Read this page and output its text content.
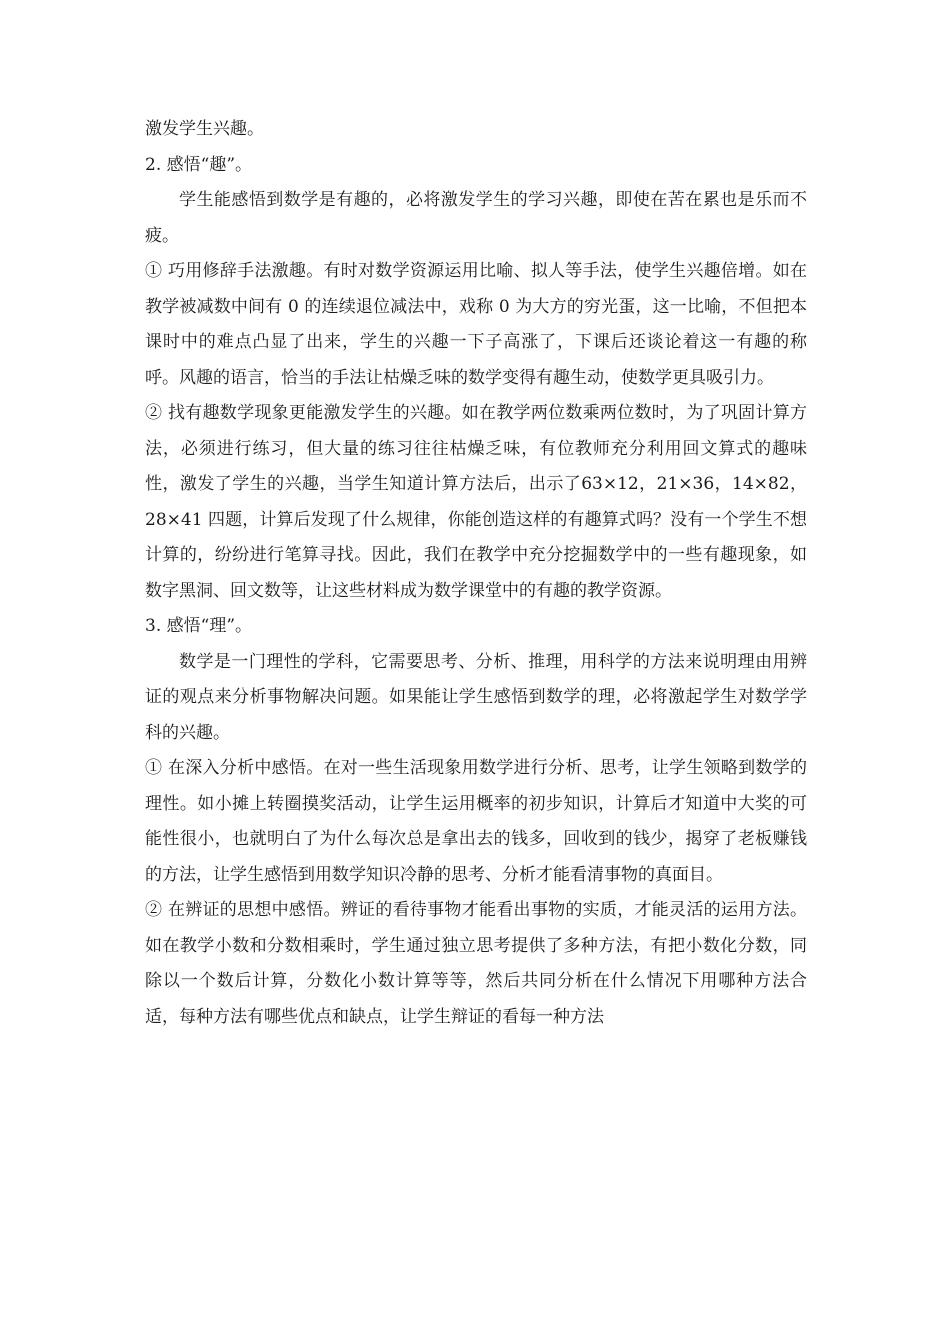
激发学生兴趣。

2. 感悟“趣”。

学生能感悟到数学是有趣的，必将激发学生的学习兴趣，即使在苦在累也是乐而不疲。

① 巧用修辞手法激趣。有时对数学资源运用比喻、拟人等手法，使学生兴趣倍增。如在教学被减数中间有 0 的连续退位减法中，戏称 0 为大方的穷光蛋，这一比喻，不但把本课时中的难点凸显了出来，学生的兴趣一下子高涨了，下课后还谈论着这一有趣的称呼。风趣的语言，恰当的手法让枯燥乏味的数学变得有趣生动，使数学更具吸引力。

② 找有趣数学现象更能激发学生的兴趣。如在教学两位数乘两位数时，为了巩固计算方法，必须进行练习，但大量的练习往往枯燥乏味，有位教师充分利用回文算式的趣味性，激发了学生的兴趣，当学生知道计算方法后，出示了63×12，21×36，14×82，28×41 四题，计算后发现了什么规律，你能创造这样的有趣算式吗？没有一个学生不想计算的，纷纷进行笔算寻找。因此，我们在教学中充分挖掘数学中的一些有趣现象，如数字黑洞、回文数等，让这些材料成为数学课堂中的有趣的教学资源。

3. 感悟“理”。

数学是一门理性的学科，它需要思考、分析、推理，用科学的方法来说明理由用辨证的观点来分析事物解决问题。如果能让学生感悟到数学的理，必将激起学生对数学学科的兴趣。

① 在深入分析中感悟。在对一些生活现象用数学进行分析、思考，让学生领略到数学的理性。如小摊上转圈摸奖活动，让学生运用概率的初步知识，计算后才知道中大奖的可能性很小，也就明白了为什么每次总是拿出去的钱多，回收到的钱少，揭穿了老板赚钱的方法，让学生感悟到用数学知识冷静的思考、分析才能看清事物的真面目。

② 在辨证的思想中感悟。辨证的看待事物才能看出事物的实质，才能灵活的运用方法。如在教学小数和分数相乘时，学生通过独立思考提供了多种方法，有把小数化分数，同除以一个数后计算，分数化小数计算等等，然后共同分析在什么情况下用哪种方法合适，每种方法有哪些优点和缺点，让学生辩证的看每一种方法
